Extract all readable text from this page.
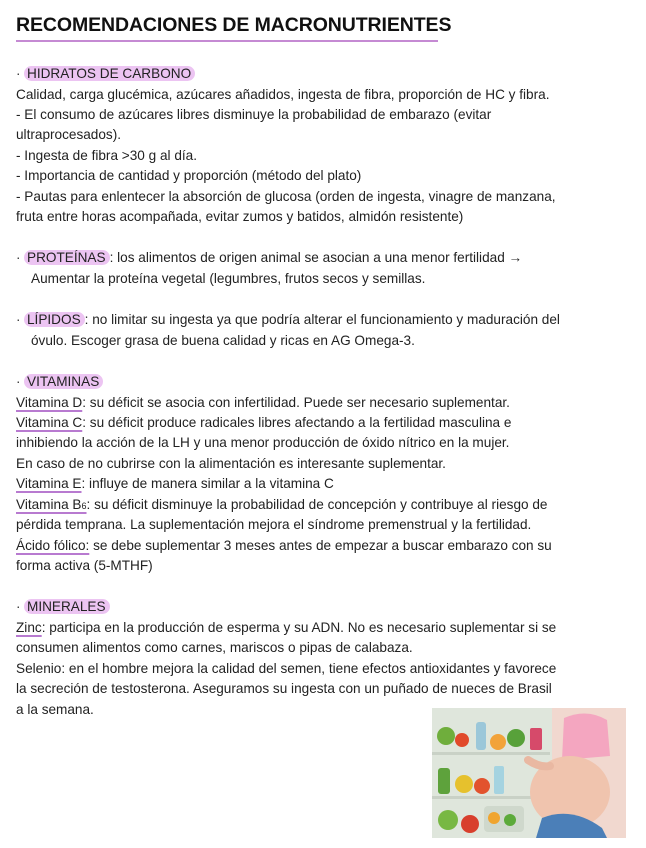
RECOMENDACIONES DE MACRONUTRIENTES
· HIDRATOS DE CARBONO
Calidad, carga glucémica, azúcares añadidos, ingesta de fibra, proporción de HC y fibra.
- El consumo de azúcares libres disminuye la probabilidad de embarazo (evitar
ultraprocesados).
- Ingesta de fibra >30 g al día.
- Importancia de cantidad y proporción (método del plato)
- Pautas para enlentecer la absorción de glucosa (orden de ingesta, vinagre de manzana,
fruta entre horas acompañada, evitar zumos y batidos, almidón resistente)
· PROTEÍNAS : los alimentos de origen animal se asocian a una menor fertilidad →
Aumentar la proteína vegetal (legumbres, frutos secos y semillas.
· LÍPIDOS : no limitar su ingesta ya que podría alterar el funcionamiento y maduración del
óvulo. Escoger grasa de buena calidad y ricas en AG Omega-3.
· VITAMINAS
Vitamina D: su déficit se asocia con infertilidad. Puede ser necesario suplementar.
Vitamina C: su déficit produce radicales libres afectando a la fertilidad masculina e
inhibiendo la acción de la LH y una menor producción de óxido nítrico en la mujer.
En caso de no cubrirse con la alimentación es interesante suplementar.
Vitamina E: influye de manera similar a la vitamina C
Vitamina B6: su déficit disminuye la probabilidad de concepción y contribuye al riesgo de
pérdida temprana. La suplementación mejora el síndrome premenstrual y la fertilidad.
Ácido fólico: se debe suplementar 3 meses antes de empezar a buscar embarazo con su
forma activa (5-MTHF)
· MINERALES
Zinc: participa en la producción de esperma y su ADN. No es necesario suplementar si se
consumen alimentos como carnes, mariscos o pipas de calabaza.
Selenio: en el hombre mejora la calidad del semen, tiene efectos antioxidantes y favorece
la secreción de testosterona. Aseguramos su ingesta con un puñado de nueces de Brasil
a la semana.
